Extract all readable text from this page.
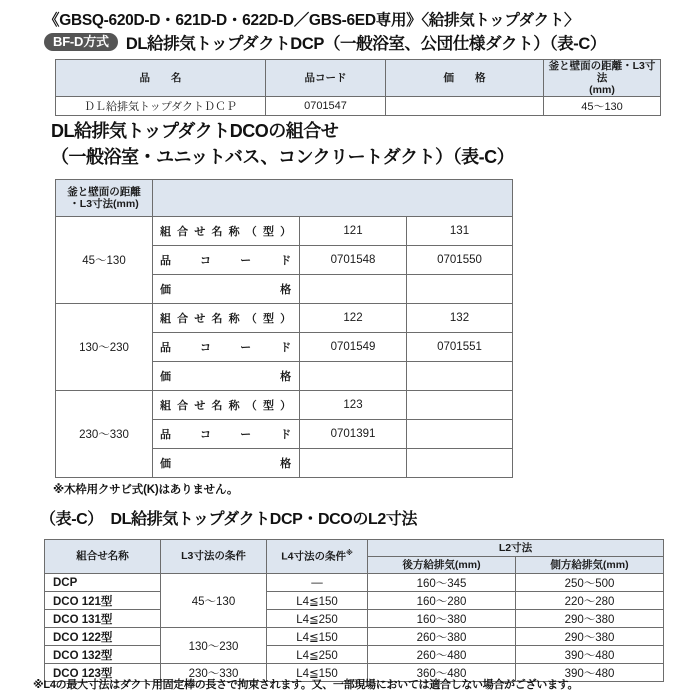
《GBSQ-620D-D・621D-D・622D-D／GBS-6ED専用》〈給排気トップダクト〉
BF-D方式	DL給排気トップダクトDCP（一般浴室、公団仕様ダクト）（表-C）
品　　名	品コード	価　　格	釜と壁面の距離・L3寸法
(mm)

ＤＬ給排気トップダクトＤＣＰ	0701547		45〜130
DL給排気トップダクトDCOの組合せ
（一般浴室・ユニットバス、コンクリートダクト）（表-C）
釜と壁面の距離
・L3寸法(mm)			

45〜130	
組 合 せ 名 称 （ 型 ）	121	131

	品 コ ー ド	0701548	0701550

	価 格		

130〜230	
組 合 せ 名 称 （ 型 ）	122	132

	品 コ ー ド	0701549	0701551

	価 格		

230〜330	
組 合 せ 名 称 （ 型 ）	123	

	品 コ ー ド	0701391	

	価 格		

※木枠用クサビ式(K)はありません。
（表-C）　DL給排気トップダクトDCP・DCOのL2寸法
組合せ名称	L3寸法の条件	L4寸法の条件※	L2寸法	
			後方給排気(mm)	側方給排気(mm)
DCP	45〜130	—	160〜345	250〜500
DCO 121型		L4≦150	160〜280	220〜280
DCO 131型		L4≦250	160〜380	290〜380
DCO 122型	130〜230	L4≦150	260〜380	290〜380
DCO 132型		L4≦250	260〜480	390〜480
DCO 123型	230〜330	L4≦150	360〜480	390〜480
※L4の最大寸法はダクト用固定棒の長さで拘束されます。又、一部現場においては適合しない場合がございます。
